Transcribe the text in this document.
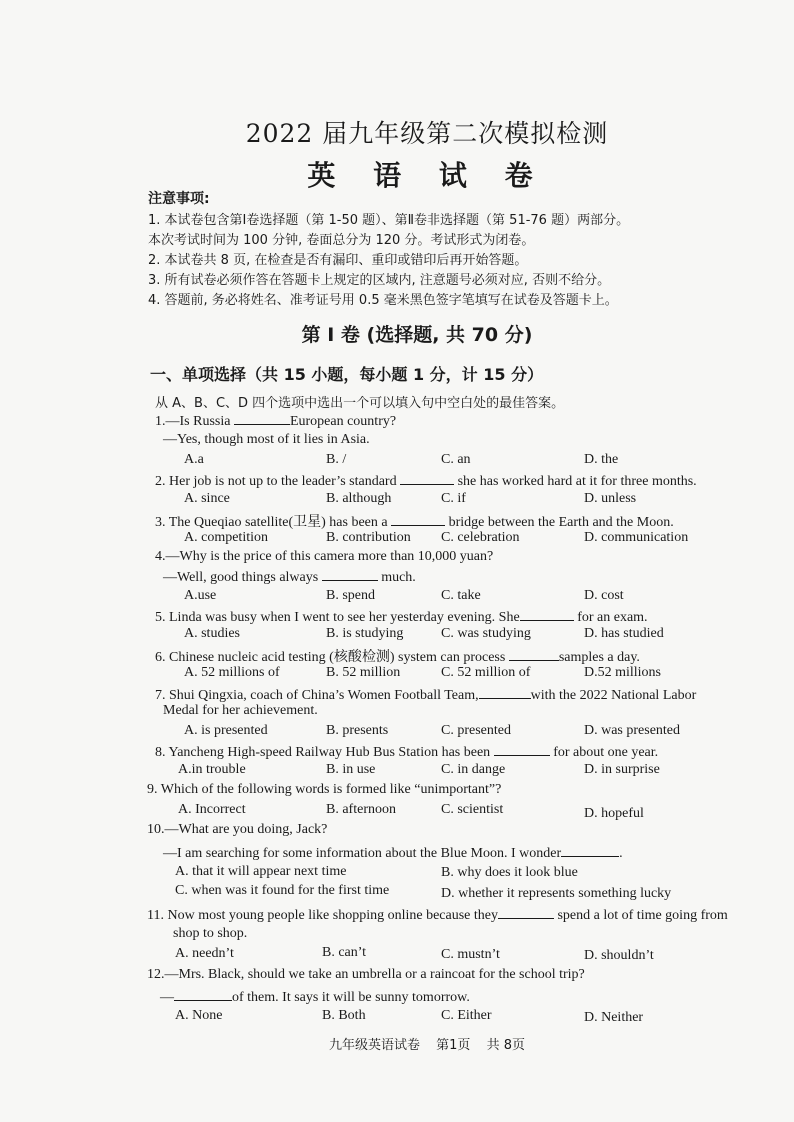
2022 届九年级第二次模拟检测
英 语 试 卷
注意事项:
1. 本试卷包含第Ⅰ卷选择题（第 1-50 题）、第Ⅱ卷非选择题（第 51-76 题）两部分。
本次考试时间为 100 分钟, 卷面总分为 120 分。考试形式为闭卷。
2. 本试卷共 8 页, 在检查是否有漏印、重印或错印后再开始答题。
3. 所有试卷必须作答在答题卡上规定的区域内, 注意题号必须对应, 否则不给分。
4. 答题前, 务必将姓名、准考证号用 0.5 毫米黑色签字笔填写在试卷及答题卡上。
第 Ⅰ 卷 (选择题, 共 70 分)
一、单项选择（共 15 小题，每小题 1 分，计 15 分）
从 A、B、C、D 四个选项中选出一个可以填入句中空白处的最佳答案。
1.—Is Russia	European country?
—Yes, though most of it lies in Asia.
A.a	B. /	C. an	D. the
2. Her job is not up to the leader’s standard	she has worked hard at it for three months.
A. since	B. although	C. if	D. unless
3. The Queqiao satellite(卫星) has been a	bridge between the Earth and the Moon.
A. competition	B. contribution C. celebration	D. communication
4.—Why is the price of this camera more than 10,000 yuan?
—Well, good things always	much.
A.use	B. spend	C. take	D. cost
5. Linda was busy when I went to see her yesterday evening. She	for an exam.
A. studies	B. is studying	C. was studying	D. has studied
6. Chinese nucleic acid testing (核酸检测) system can process	samples a day.
A. 52 millions of	B. 52 million	C. 52 million of	D.52 millions
7. Shui Qingxia, coach of China’s Women Football Team,	with the 2022 National Labor
Medal for her achievement.
A. is presented	B. presents	C. presented	D. was presented
8. Yancheng High-speed Railway Hub Bus Station has been	for about one year.
A.in trouble	B. in use	C. in dange	D. in surprise
9. Which of the following words is formed like “unimportant”?
A. Incorrect	B. afternoon	C. scientist	D. hopeful
10.—What are you doing, Jack?
—I am searching for some information about the Blue Moon. I wonder	.
A. that it will appear next time	B. why does it look blue
C. when was it found for the first time	D. whether it represents something lucky
11. Now most young people like shopping online because they	spend a lot of time going from
shop to shop.
A. needn’t	B. can’t	C. mustn’t	D. shouldn’t
12.—Mrs. Black, should we take an umbrella or a raincoat for the school trip?
—	of them. It says it will be sunny tomorrow.
A. None	B. Both	C. Either	D. Neither
九年级英语试卷 第1页 共 8页
